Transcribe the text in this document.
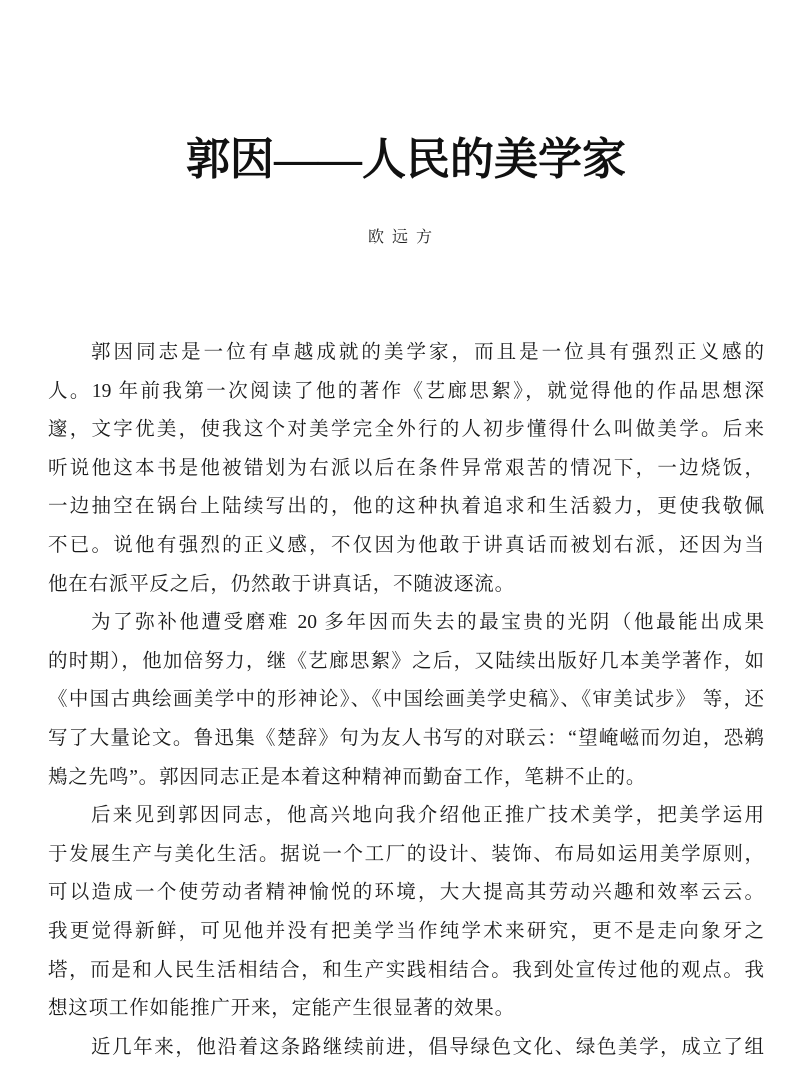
郭因——人民的美学家
欧远方
郭因同志是一位有卓越成就的美学家，而且是一位具有强烈正义感的
人。19 年前我第一次阅读了他的著作《艺廊思絮》，就觉得他的作品思想深
邃，文字优美，使我这个对美学完全外行的人初步懂得什么叫做美学。后来
听说他这本书是他被错划为右派以后在条件异常艰苦的情况下，一边烧饭，
一边抽空在锅台上陆续写出的，他的这种执着追求和生活毅力，更使我敬佩
不已。说他有强烈的正义感，不仅因为他敢于讲真话而被划右派，还因为当
他在右派平反之后，仍然敢于讲真话，不随波逐流。
为了弥补他遭受磨难 20 多年因而失去的最宝贵的光阴（他最能出成果
的时期），他加倍努力，继《艺廊思絮》之后，又陆续出版好几本美学著作，如
《中国古典绘画美学中的形神论》、《中国绘画美学史稿》、《审美试步》 等，还
写了大量论文。鲁迅集《楚辞》句为友人书写的对联云：“望崦嵫而勿迫，恐鹈
鴂之先鸣”。郭因同志正是本着这种精神而勤奋工作，笔耕不止的。
后来见到郭因同志，他高兴地向我介绍他正推广技术美学，把美学运用
于发展生产与美化生活。据说一个工厂的设计、装饰、布局如运用美学原则，
可以造成一个使劳动者精神愉悦的环境，大大提高其劳动兴趣和效率云云。
我更觉得新鲜，可见他并没有把美学当作纯学术来研究，更不是走向象牙之
塔，而是和人民生活相结合，和生产实践相结合。我到处宣传过他的观点。我
想这项工作如能推广开来，定能产生很显著的效果。
近几年来，他沿着这条路继续前进，倡导绿色文化、绿色美学，成立了组
